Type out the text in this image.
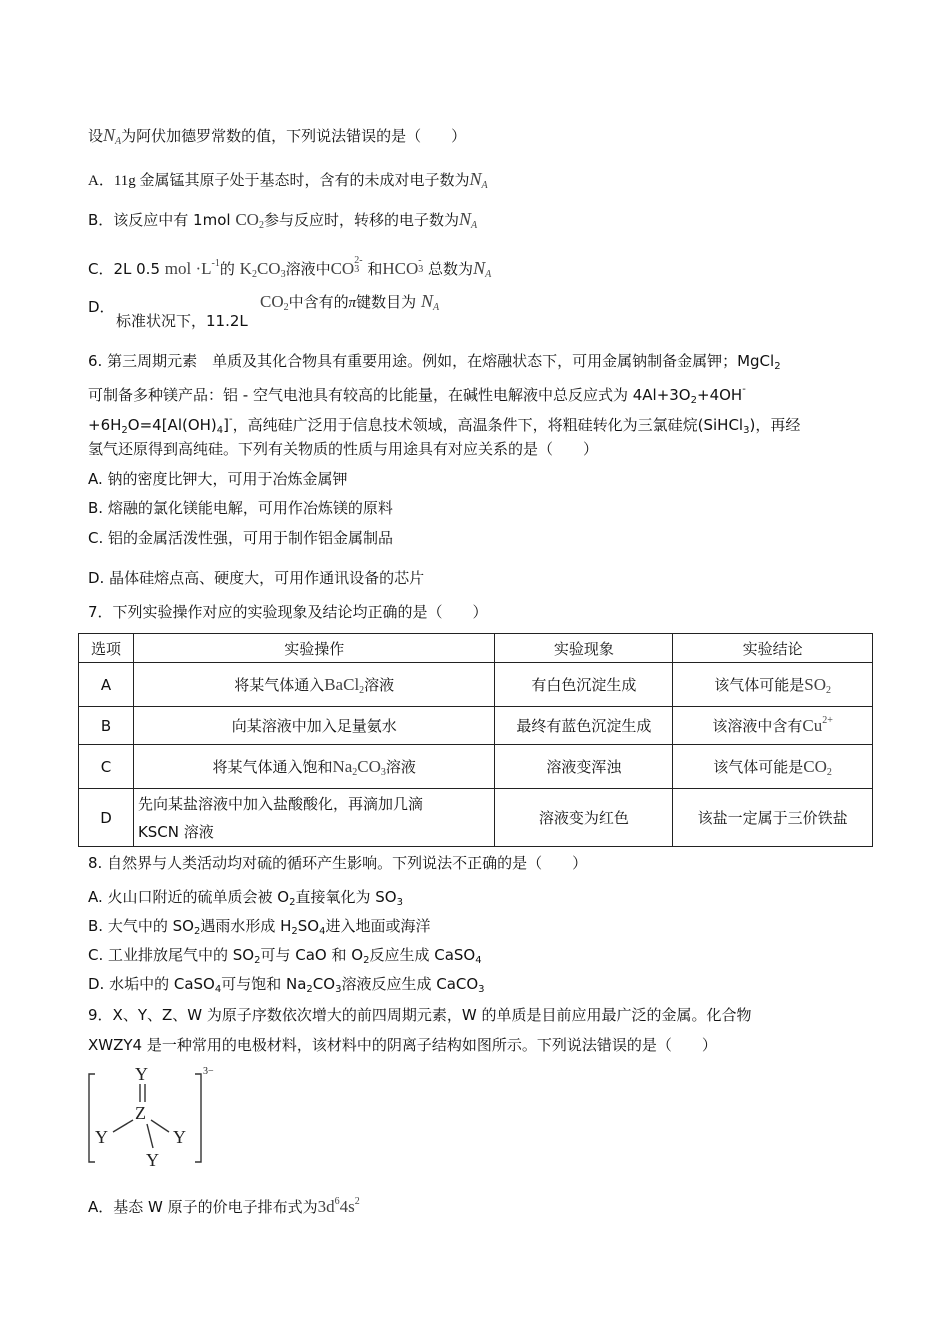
设$N_A$为阿伏加德罗常数的值，下列说法错误的是（　　）
A．11g 金属锰其原子处于基态时，含有的未成对电子数为$N_A$
B．该反应中有 1mol $CO_2$参与反应时，转移的电子数为$N_A$
C．2L 0.5 mol $\cdot L^{-1}$的 $K_2CO_3$溶液中CO 2-
3 和HCO -
3 总数为$N_A$
D．
标准状况下，11.2L
$CO_2$中含有的π键数目为 $N_A$
6. 第三周期元素　单质及其化合物具有重要用途。例如，在熔融状态下，可用金属钠制备金属钾；MgCl$_2$
可制备多种镁产品：铝 - 空气电池具有较高的比能量，在碱性电解液中总反应式为 $4Al+3O_2+4OH^-$
$+6H_2O=4[Al(OH)_4]^-$，高纯硅广泛用于信息技术领域，高温条件下，将粗硅转化为三氯硅烷(SiHCl$_3$)，再经
氢气还原得到高纯硅。下列有关物质的性质与用途具有对应关系的是（　　）
A. 钠的密度比钾大，可用于冶炼金属钾
B. 熔融的氯化镁能电解，可用作冶炼镁的原料
C. 铝的金属活泼性强，可用于制作铝金属制品
D. 晶体硅熔点高、硬度大，可用作通讯设备的芯片
7．下列实验操作对应的实验现象及结论均正确的是（　　）
选项	实验操作	实验现象	实验结论
A	将某气体通入BaCl$_2$溶液	有白色沉淀生成	该气体可能是$SO_2$
B	向某溶液中加入足量氨水	最终有蓝色沉淀生成	该溶液中含有$Cu^{2+}$
C	将某气体通入饱和$Na_2CO_3$溶液	溶液变浑浊	该气体可能是$CO_2$
D	先向某盐溶液中加入盐酸酸化，再滴加几滴
KSCN 溶液	溶液变为红色	该盐一定属于三价铁盐
8. 自然界与人类活动均对硫的循环产生影响。下列说法不正确的是（　　）
A. 火山口附近的硫单质会被 $O_2$直接氧化为 $SO_3$
B. 大气中的 $SO_2$遇雨水形成 $H_2SO_4$进入地面或海洋
C. 工业排放尾气中的 $SO_2$可与 CaO 和 $O_2$反应生成 CaSO$_4$
D. 水垢中的 CaSO$_4$可与饱和 $Na_2CO_3$溶液反应生成 CaCO$_3$
9．X、Y、Z、W 为原子序数依次增大的前四周期元素，W 的单质是目前应用最广泛的金属。化合物
XWZY4 是一种常用的电极材料，该材料中的阴离子结构如图所示。下列说法错误的是（　　）
Y
Z
Y	Y
Y
3−
A．基态 W 原子的价电子排布式为$3d^64s^2$
